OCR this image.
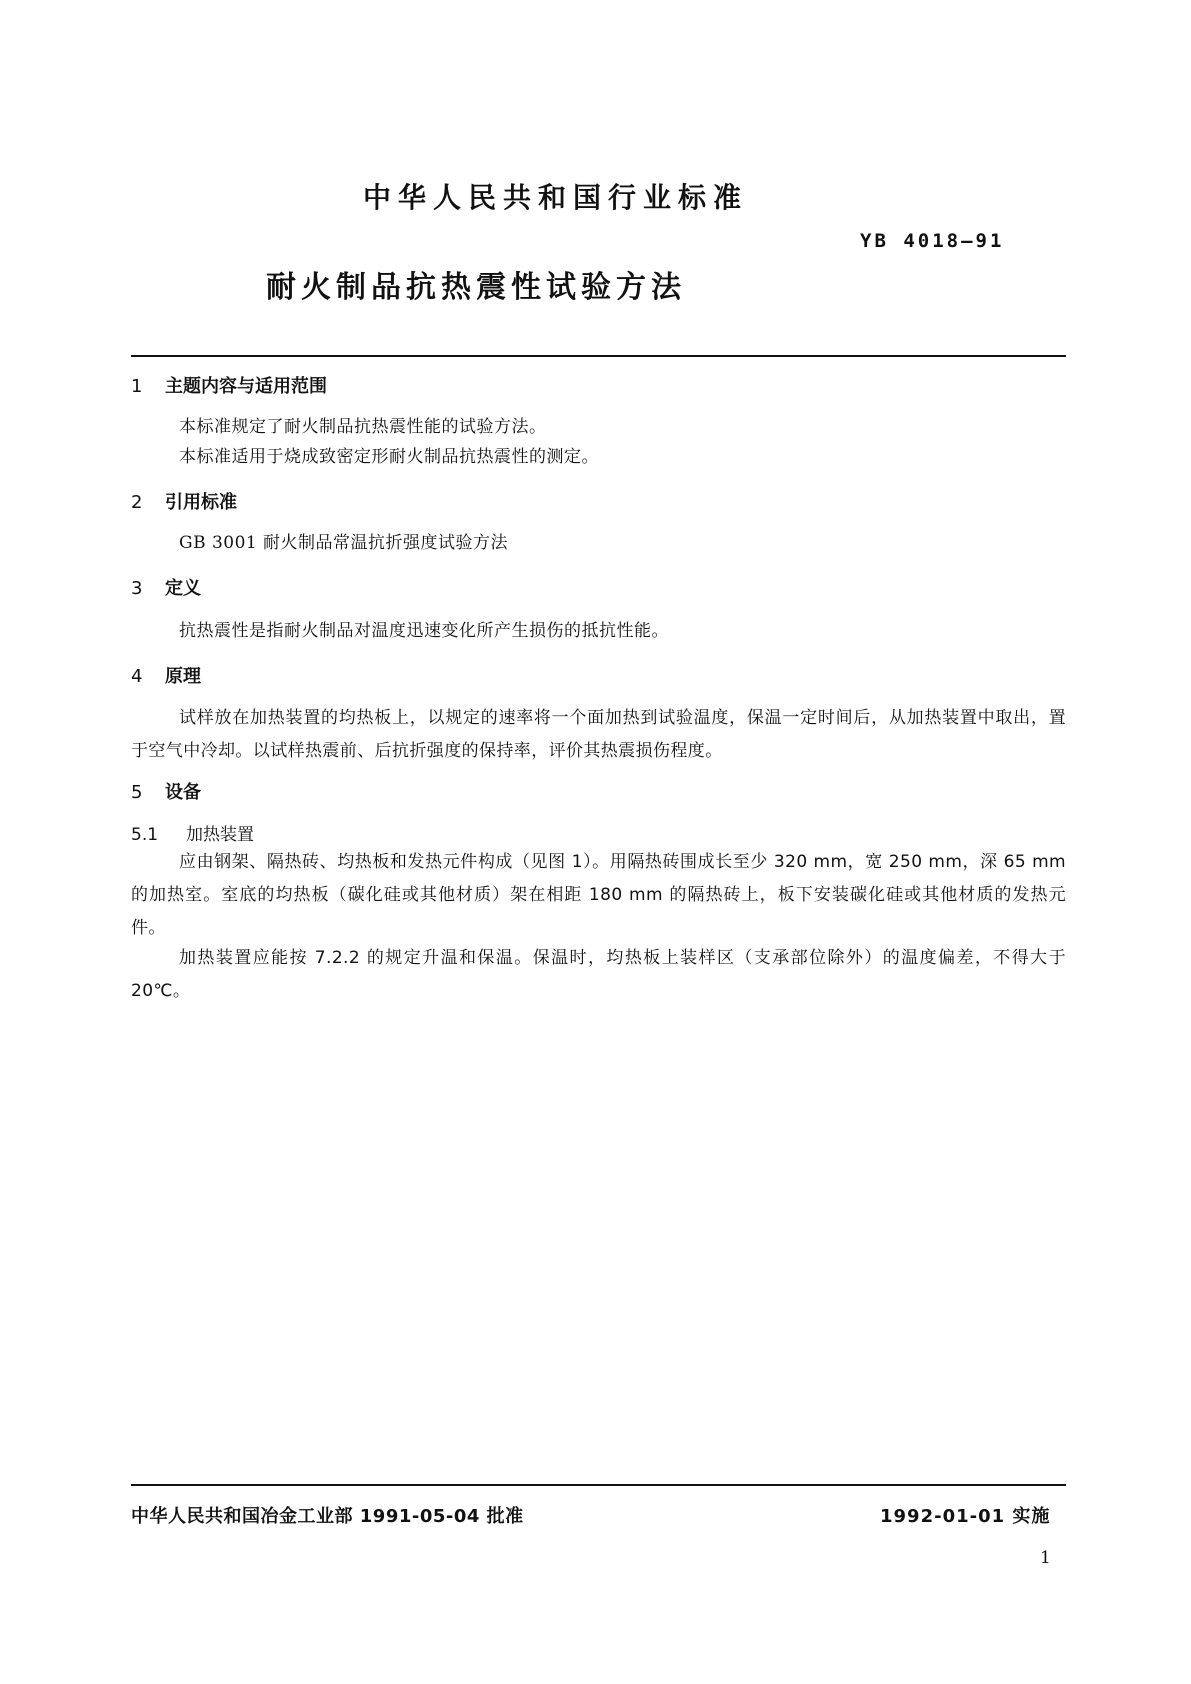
中华人民共和国行业标准
YB 4018—91
耐火制品抗热震性试验方法
1 主题内容与适用范围
本标准规定了耐火制品抗热震性能的试验方法。
本标准适用于烧成致密定形耐火制品抗热震性的测定。
2 引用标准
GB 3001 耐火制品常温抗折强度试验方法
3 定义
抗热震性是指耐火制品对温度迅速变化所产生损伤的抵抗性能。
4 原理
试样放在加热装置的均热板上，以规定的速率将一个面加热到试验温度，保温一定时间后，从加热装置中取出，置于空气中冷却。以试样热震前、后抗折强度的保持率，评价其热震损伤程度。
5 设备
5.1 加热装置
应由钢架、隔热砖、均热板和发热元件构成（见图 1）。用隔热砖围成长至少 320 mm，宽 250 mm，深 65 mm 的加热室。室底的均热板（碳化硅或其他材质）架在相距 180 mm 的隔热砖上，板下安装碳化硅或其他材质的发热元件。
加热装置应能按 7.2.2 的规定升温和保温。保温时，均热板上装样区（支承部位除外）的温度偏差，不得大于 20℃。
中华人民共和国冶金工业部 1991-05-04 批准	1992-01-01 实施
1
